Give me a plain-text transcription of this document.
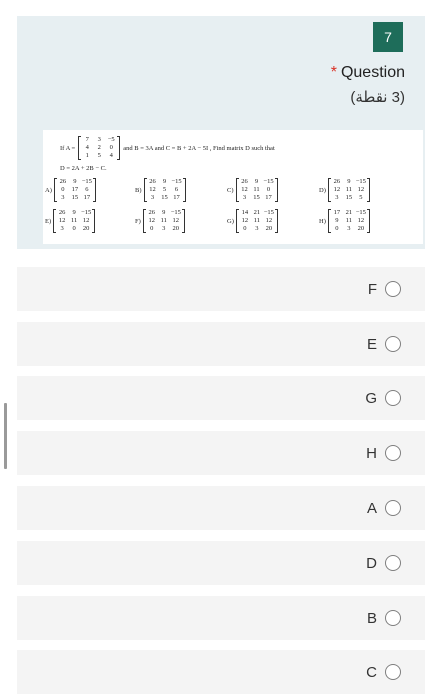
7
* Question
(3 نقطة)
If A =
7	3	−5
4	2	0
1	5	4
and B = 3A and C = B + 2A − 5I , Find matrix D such that
D = 2A + 2B − C.
A)
26	9 −15
0	17	6
3	15 17
B)
26	9 −15
12	5	6
3	15 17
C)
26	9 −15
12 11	0
3	15 17
D)
26	9 −15
12 11 12
3	15	5
E)
26	9 −15
12 11 12
3	0	20
F)
26	9 −15
12 11 12
0	3	20
G)
14 21 −15
12 11 12
0	3	20
H)
17 21 −15
9	11 12
0	3	20
F
E
G
H
A
D
B
C
